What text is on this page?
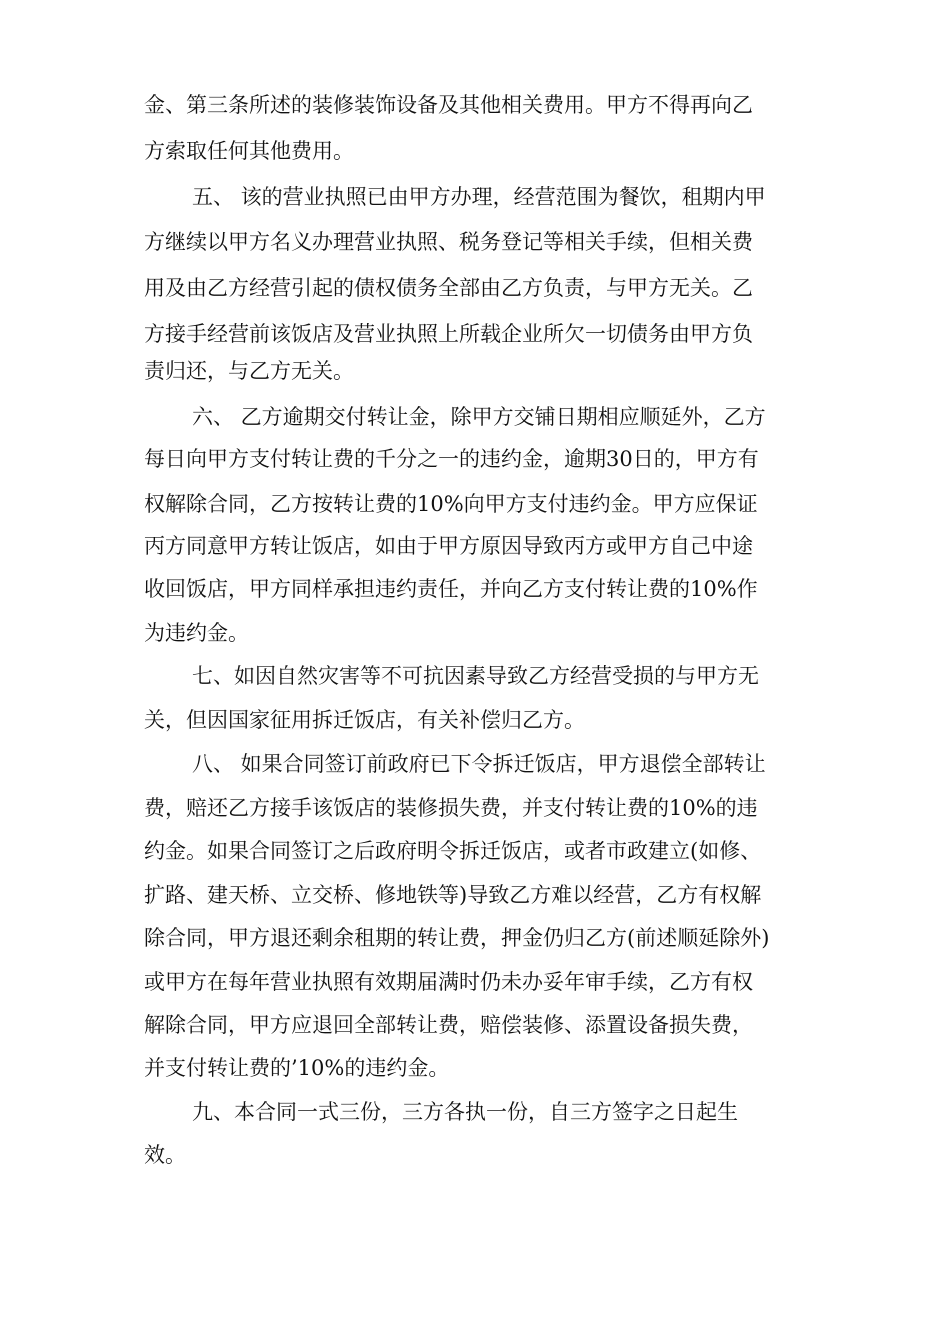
金、第三条所述的装修装饰设备及其他相关费用。甲方不得再向乙
方索取任何其他费用。
五、 该的营业执照已由甲方办理，经营范围为餐饮，租期内甲
方继续以甲方名义办理营业执照、税务登记等相关手续，但相关费
用及由乙方经营引起的债权债务全部由乙方负责，与甲方无关。乙
方接手经营前该饭店及营业执照上所载企业所欠一切债务由甲方负
责归还，与乙方无关。
六、 乙方逾期交付转让金，除甲方交铺日期相应顺延外，乙方
每日向甲方支付转让费的千分之一的违约金，逾期30日的，甲方有
权解除合同，乙方按转让费的10%向甲方支付违约金。甲方应保证
丙方同意甲方转让饭店，如由于甲方原因导致丙方或甲方自己中途
收回饭店，甲方同样承担违约责任，并向乙方支付转让费的10%作
为违约金。
七、如因自然灾害等不可抗因素导致乙方经营受损的与甲方无
关，但因国家征用拆迁饭店，有关补偿归乙方。
八、 如果合同签订前政府已下令拆迁饭店，甲方退偿全部转让
费，赔还乙方接手该饭店的装修损失费，并支付转让费的10%的违
约金。如果合同签订之后政府明令拆迁饭店，或者市政建立(如修、
扩路、建天桥、立交桥、修地铁等)导致乙方难以经营，乙方有权解
除合同，甲方退还剩余租期的转让费，押金仍归乙方(前述顺延除外)
或甲方在每年营业执照有效期届满时仍未办妥年审手续，乙方有权
解除合同，甲方应退回全部转让费，赔偿装修、添置设备损失费，
并支付转让费的’10%的违约金。
九、本合同一式三份，三方各执一份，自三方签字之日起生
效。
